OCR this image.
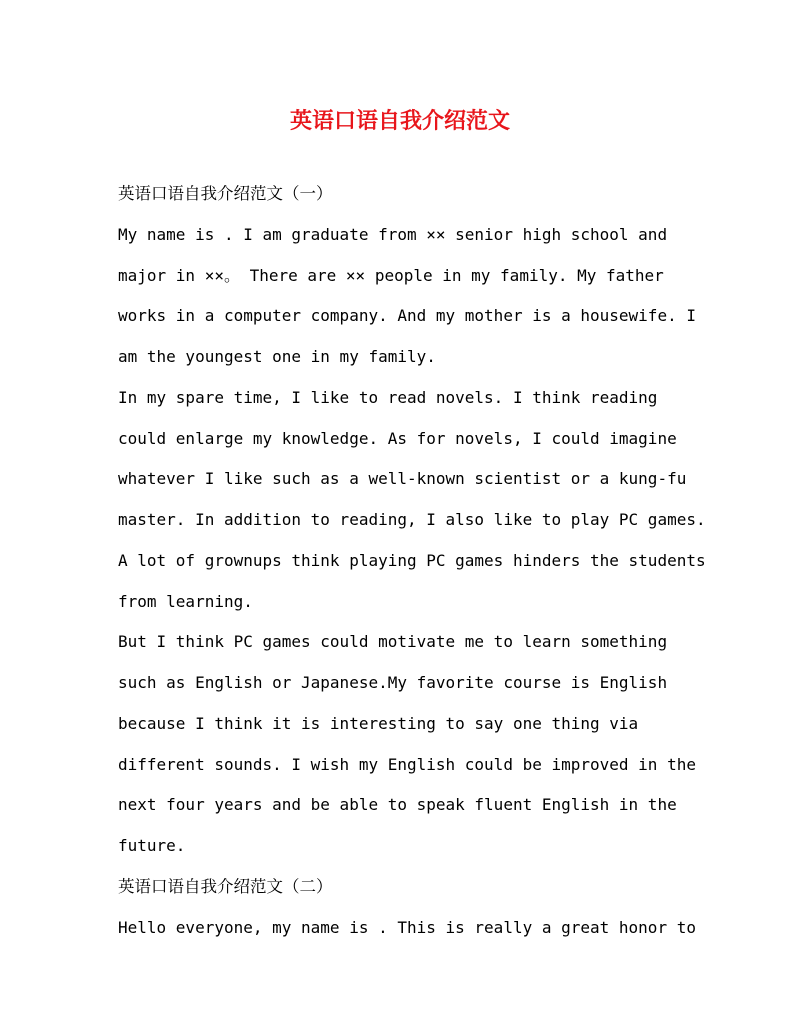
英语口语自我介绍范文
英语口语自我介绍范文（一）
My name is . I am graduate from ×× senior high school and
major in ××。 There are ×× people in my family. My father
works in a computer company. And my mother is a housewife. I
am the youngest one in my family.
In my spare time, I like to read novels. I think reading
could enlarge my knowledge. As for novels, I could imagine
whatever I like such as a well-known scientist or a kung-fu
master. In addition to reading, I also like to play PC games.
A lot of grownups think playing PC games hinders the students
from learning.
But I think PC games could motivate me to learn something
such as English or Japanese.My favorite course is English
because I think it is interesting to say one thing via
different sounds. I wish my English could be improved in the
next four years and be able to speak fluent English in the
future.
英语口语自我介绍范文（二）
Hello everyone, my name is . This is really a great honor to
